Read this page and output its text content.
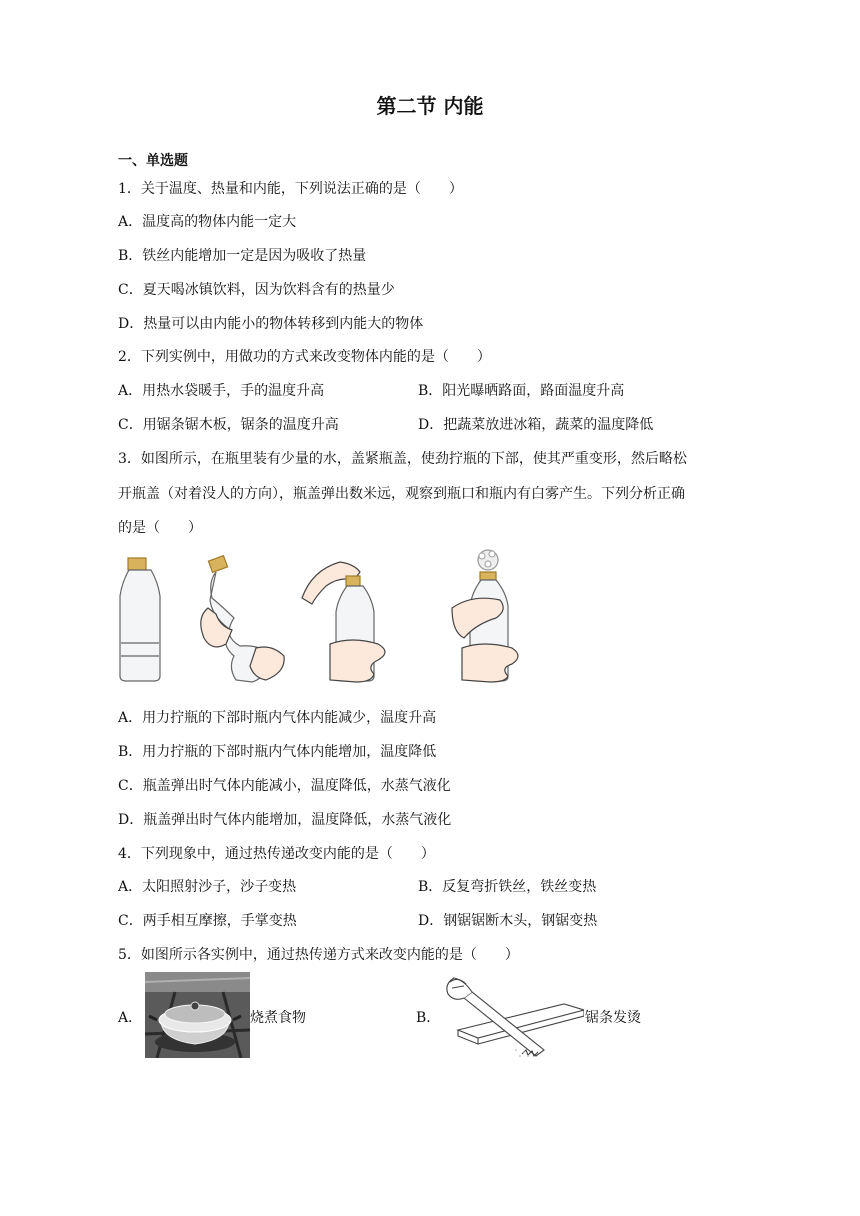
第二节 内能
一、单选题
1．关于温度、热量和内能，下列说法正确的是（　　）
A．温度高的物体内能一定大
B．铁丝内能增加一定是因为吸收了热量
C．夏天喝冰镇饮料，因为饮料含有的热量少
D．热量可以由内能小的物体转移到内能大的物体
2．下列实例中，用做功的方式来改变物体内能的是（　　）
A．用热水袋暖手，手的温度升高	B．阳光曝晒路面，路面温度升高
C．用锯条锯木板，锯条的温度升高	D．把蔬菜放进冰箱，蔬菜的温度降低
3．如图所示，在瓶里装有少量的水，盖紧瓶盖，使劲拧瓶的下部，使其严重变形，然后略松
开瓶盖（对着没人的方向），瓶盖弹出数米远，观察到瓶口和瓶内有白雾产生。下列分析正确
的是（　　）
A．用力拧瓶的下部时瓶内气体内能减少，温度升高
B．用力拧瓶的下部时瓶内气体内能增加，温度降低
C．瓶盖弹出时气体内能减小，温度降低，水蒸气液化
D．瓶盖弹出时气体内能增加，温度降低，水蒸气液化
4．下列现象中，通过热传递改变内能的是（　　）
A．太阳照射沙子，沙子变热	B．反复弯折铁丝，铁丝变热
C．两手相互摩擦，手掌变热	D．钢锯锯断木头，钢锯变热
5．如图所示各实例中，通过热传递方式来改变内能的是（　　）
A．	烧煮食物	B．	锯条发烫
